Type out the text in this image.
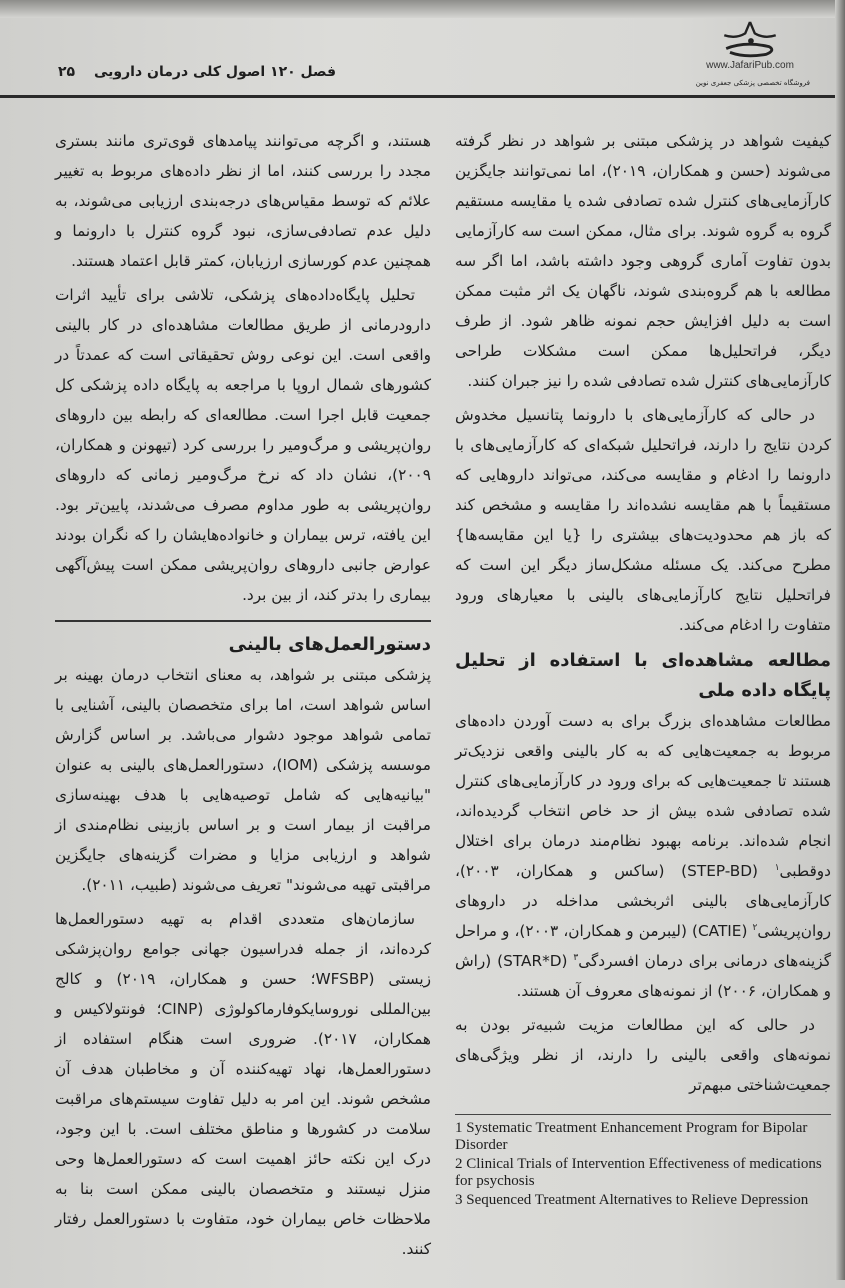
www.JafariPub.com
فروشگاه تخصصی پزشکی جعفری نوین
فصل ۱۲۰ اصول کلی درمان دارویی ۲۵

کیفیت شواهد در پزشکی مبتنی بر شواهد در نظر گرفته می‌شوند (حسن و همکاران، ۲۰۱۹)، اما نمی‌توانند جایگزین کارآزمایی‌های کنترل شده تصادفی شده یا مقایسه مستقیم گروه به گروه شوند. برای مثال، ممکن است سه کارآزمایی بدون تفاوت آماری گروهی وجود داشته باشد، اما اگر سه مطالعه با هم گروه‌بندی شوند، ناگهان یک اثر مثبت ممکن است به دلیل افزایش حجم نمونه ظاهر شود. از طرف دیگر، فراتحلیل‌ها ممکن است مشکلات طراحی کارآزمایی‌های کنترل شده تصادفی شده را نیز جبران کنند.

در حالی که کارآزمایی‌های با دارونما پتانسیل مخدوش کردن نتایج را دارند، فراتحلیل شبکه‌ای که کارآزمایی‌های با دارونما را ادغام و مقایسه می‌کند، می‌تواند داروهایی که مستقیماً با هم مقایسه نشده‌اند را مقایسه و مشخص کند که باز هم محدودیت‌های بیشتری را {یا این مقایسه‌ها} مطرح می‌کند. یک مسئله مشکل‌ساز دیگر این است که فراتحلیل نتایج کارآزمایی‌های بالینی با معیارهای ورود متفاوت را ادغام می‌کند.

مطالعه مشاهده‌ای با استفاده از تحلیل پایگاه داده ملی

مطالعات مشاهده‌ای بزرگ برای به دست آوردن داده‌های مربوط به جمعیت‌هایی که به کار بالینی واقعی نزدیک‌تر هستند تا جمعیت‌هایی که برای ورود در کارآزمایی‌های کنترل شده تصادفی شده بیش از حد خاص انتخاب گردیده‌اند، انجام شده‌اند. برنامه بهبود نظام‌مند درمان برای اختلال دوقطبی$^۱$ (STEP-BD) (ساکس و همکاران، ۲۰۰۳)، کارآزمایی‌های بالینی اثربخشی مداخله در داروهای روان‌پریشی$^۲$ (CATIE) (لیبرمن و همکاران، ۲۰۰۳)، و مراحل گزینه‌های درمانی برای درمان افسردگی$^۳$ (STAR*D) (راش و همکاران، ۲۰۰۶) از نمونه‌های معروف آن هستند.

در حالی که این مطالعات مزیت شبیه‌تر بودن به نمونه‌های واقعی بالینی را دارند، از نظر ویژگی‌های جمعیت‌شناختی مبهم‌تر

1 Systematic Treatment Enhancement Program for Bipolar Disorder
2 Clinical Trials of Intervention Effectiveness of medications for psychosis
3 Sequenced Treatment Alternatives to Relieve Depression

هستند، و اگرچه می‌توانند پیامدهای قوی‌تری مانند بستری مجدد را بررسی کنند، اما از نظر داده‌های مربوط به تغییر علائم که توسط مقیاس‌های درجه‌بندی ارزیابی می‌شوند، به دلیل عدم تصادفی‌سازی، نبود گروه کنترل با دارونما و همچنین عدم کورسازی ارزیابان، کمتر قابل اعتماد هستند.

تحلیل پایگاه‌داده‌های پزشکی، تلاشی برای تأیید اثرات دارودرمانی از طریق مطالعات مشاهده‌ای در کار بالینی واقعی است. این نوعی روش تحقیقاتی است که عمدتاً در کشورهای شمال اروپا با مراجعه به پایگاه داده پزشکی کل جمعیت قابل اجرا است. مطالعه‌ای که رابطه بین داروهای روان‌پریشی و مرگ‌ومیر را بررسی کرد (تیهونن و همکاران، ۲۰۰۹)، نشان داد که نرخ مرگ‌ومیر زمانی که داروهای روان‌پریشی به طور مداوم مصرف می‌شدند، پایین‌تر بود. این یافته، ترس بیماران و خانواده‌هایشان را که نگران بودند عوارض جانبی داروهای روان‌پریشی ممکن است پیش‌آگهی بیماری را بدتر کند، از بین برد.

دستورالعمل‌های بالینی

پزشکی مبتنی بر شواهد، به معنای انتخاب درمان بهینه بر اساس شواهد است، اما برای متخصصان بالینی، آشنایی با تمامی شواهد موجود دشوار می‌باشد. بر اساس گزارش موسسه پزشکی (IOM)، دستورالعمل‌های بالینی به عنوان "بیانیه‌هایی که شامل توصیه‌هایی با هدف بهینه‌سازی مراقبت از بیمار است و بر اساس بازبینی نظام‌مندی از شواهد و ارزیابی مزایا و مضرات گزینه‌های جایگزین مراقبتی تهیه می‌شوند" تعریف می‌شوند (طبیب، ۲۰۱۱).

سازمان‌های متعددی اقدام به تهیه دستورالعمل‌ها کرده‌اند، از جمله فدراسیون جهانی جوامع روان‌پزشکی زیستی (WFSBP؛ حسن و همکاران، ۲۰۱۹) و کالج بین‌المللی نوروسایکوفارماکولوژی (CINP؛ فونتولاکیس و همکاران، ۲۰۱۷). ضروری است هنگام استفاده از دستورالعمل‌ها، نهاد تهیه‌کننده آن و مخاطبان هدف آن مشخص شوند. این امر به دلیل تفاوت سیستم‌های مراقبت سلامت در کشورها و مناطق مختلف است. با این وجود، درک این نکته حائز اهمیت است که دستورالعمل‌ها وحی منزل نیستند و متخصصان بالینی ممکن است بنا به ملاحظات خاص بیماران خود، متفاوت با دستورالعمل رفتار کنند.
